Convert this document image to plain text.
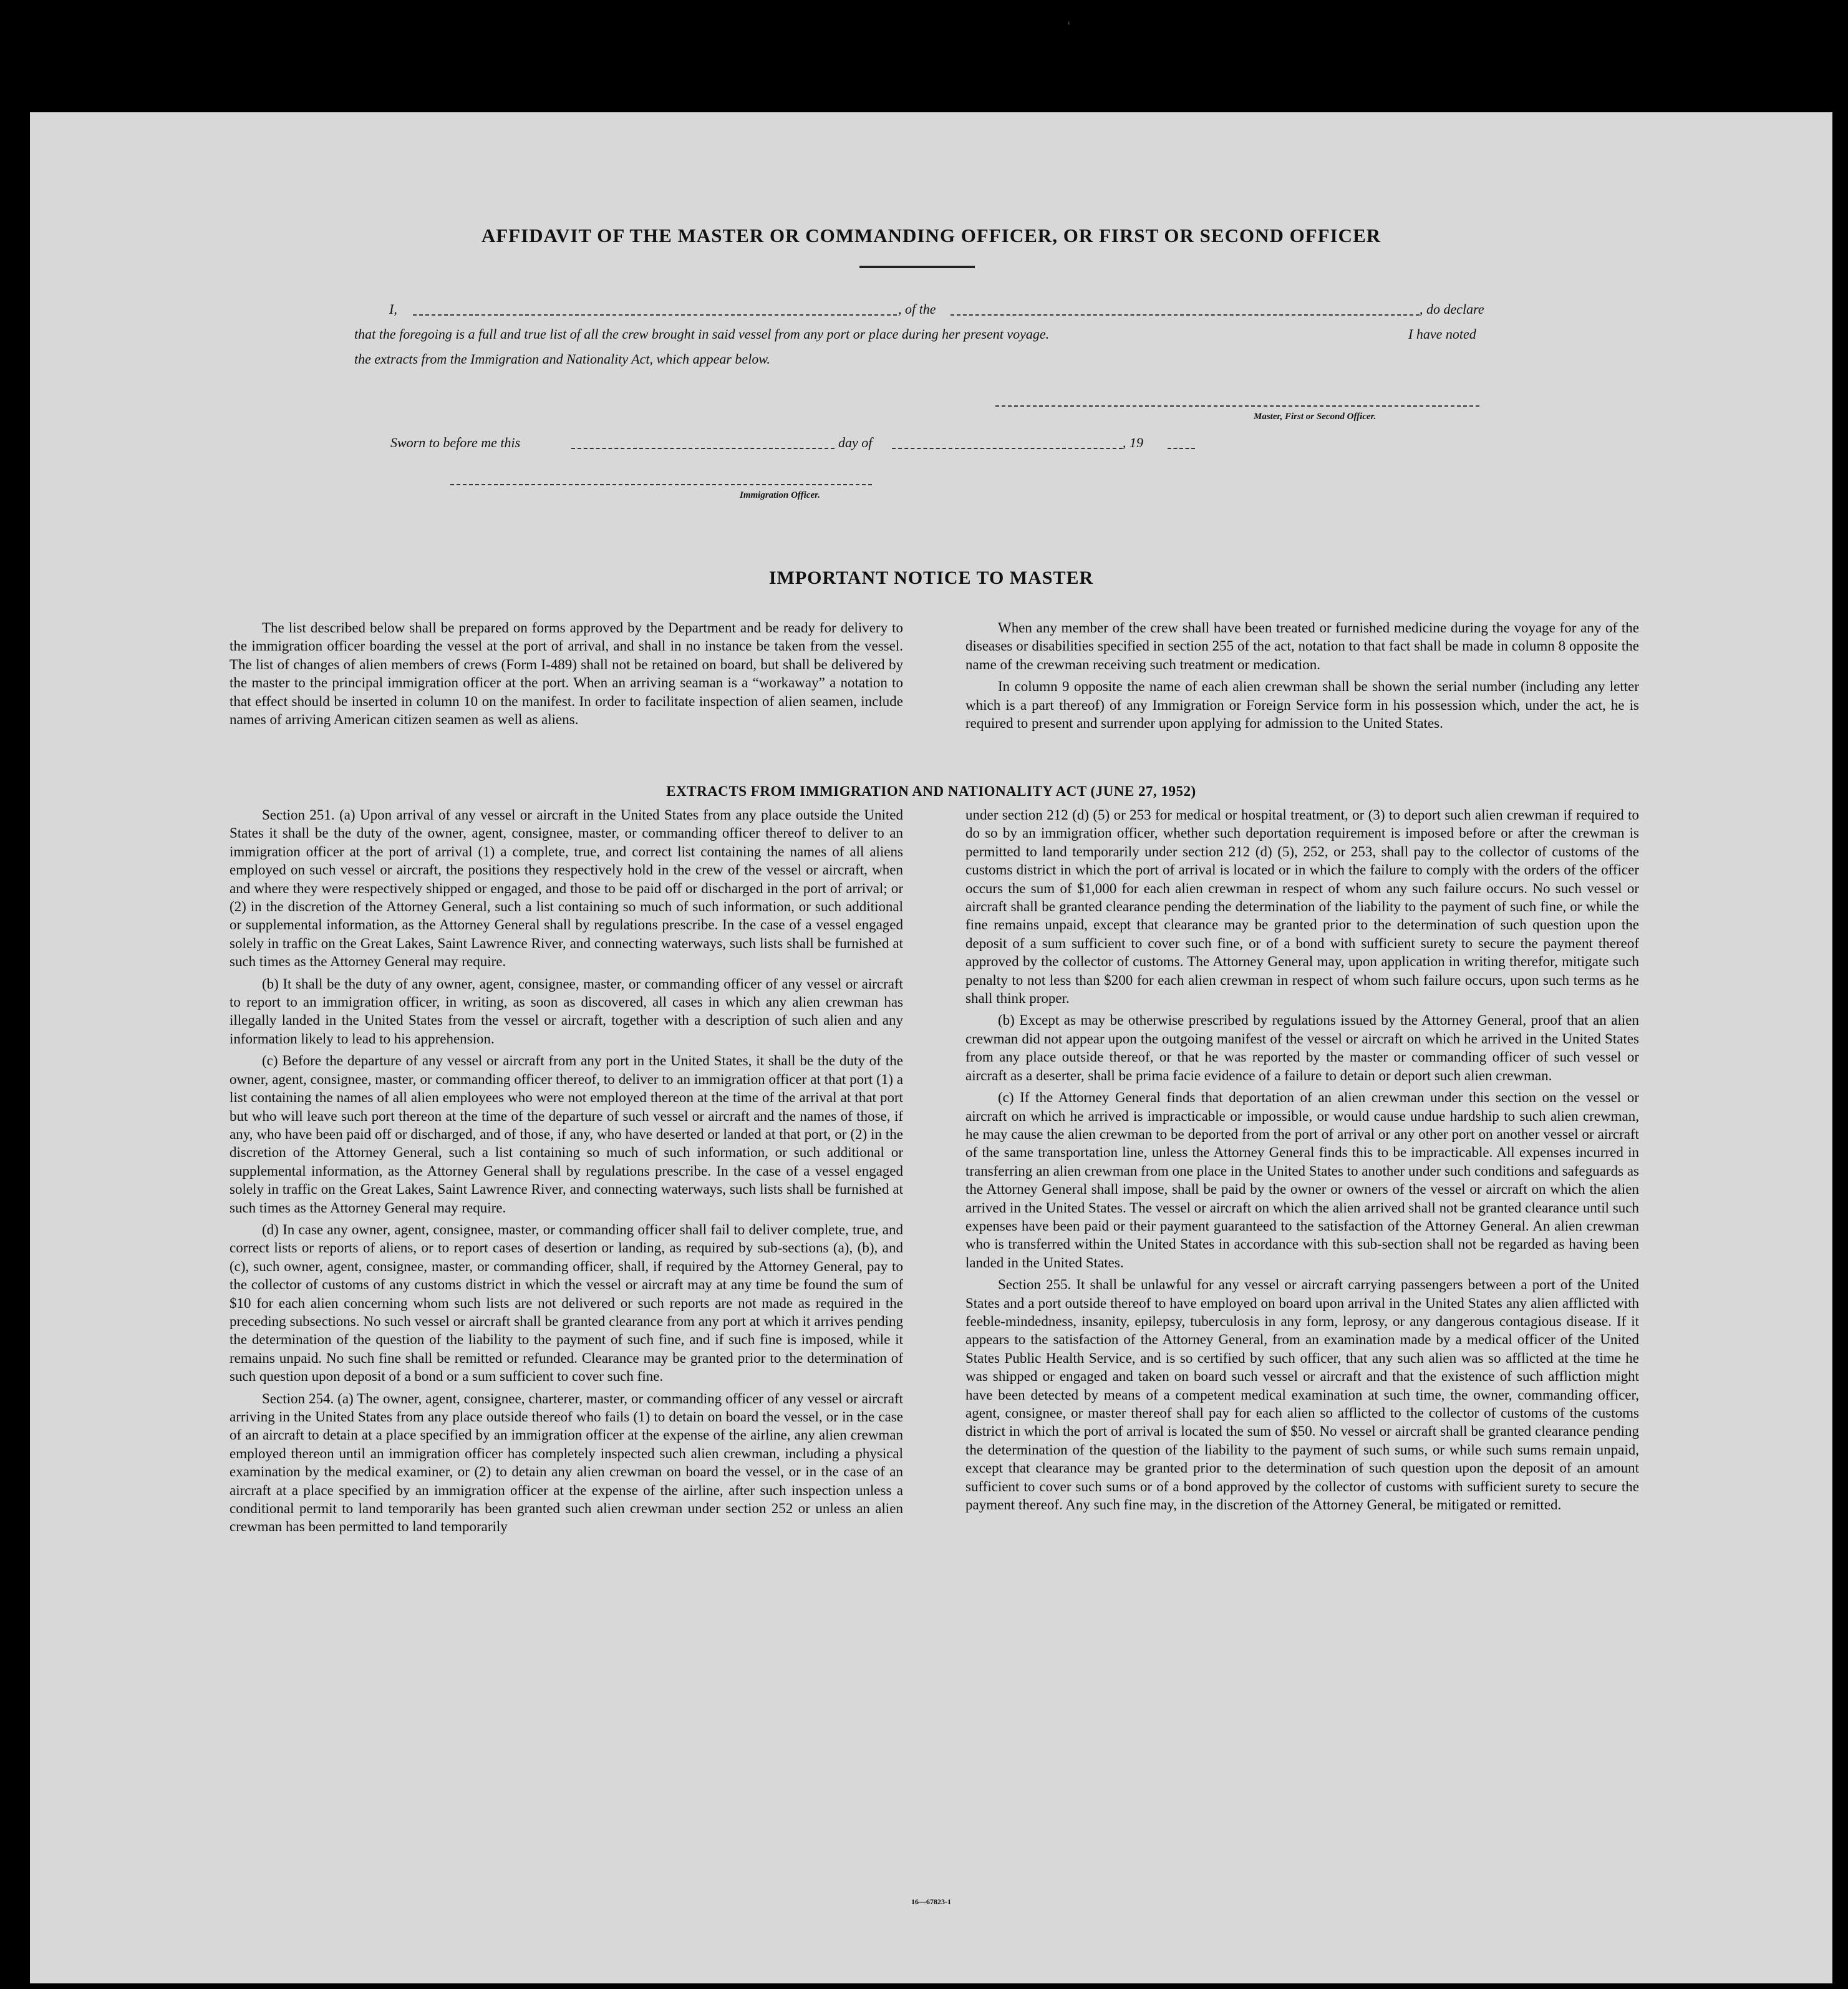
AFFIDAVIT OF THE MASTER OR COMMANDING OFFICER, OR FIRST OR SECOND OFFICER
I,	, of the	, do declare
that the foregoing is a full and true list of all the crew brought in said vessel from any port or place during her present voyage.	I have noted
the extracts from the Immigration and Nationality Act, which appear below.
Master, First or Second Officer.
Sworn to before me this	day of	, 19
Immigration Officer.
IMPORTANT NOTICE TO MASTER

The list described below shall be prepared on forms approved by the Department and be ready for delivery to the immigration officer boarding the vessel at the port of arrival, and shall in no instance be taken from the vessel. The list of changes of alien members of crews (Form I-489) shall not be retained on board, but shall be delivered by the master to the principal immigration officer at the port. When an arriving seaman is a “workaway” a notation to that effect should be inserted in column 10 on the manifest. In order to facilitate inspection of alien seamen, include names of arriving American citizen seamen as well as aliens.

When any member of the crew shall have been treated or furnished medicine during the voyage for any of the diseases or disabilities specified in section 255 of the act, notation to that fact shall be made in column 8 opposite the name of the crewman receiving such treatment or medication.

In column 9 opposite the name of each alien crewman shall be shown the serial number (including any letter which is a part thereof) of any Immigration or Foreign Service form in his possession which, under the act, he is required to present and surrender upon applying for admission to the United States.

EXTRACTS FROM IMMIGRATION AND NATIONALITY ACT (JUNE 27, 1952)

Section 251. (a) Upon arrival of any vessel or aircraft in the United States from any place outside the United States it shall be the duty of the owner, agent, consignee, master, or commanding officer thereof to deliver to an immigration officer at the port of arrival (1) a complete, true, and correct list containing the names of all aliens employed on such vessel or aircraft, the positions they respectively hold in the crew of the vessel or aircraft, when and where they were respectively shipped or engaged, and those to be paid off or discharged in the port of arrival; or (2) in the discretion of the Attorney General, such a list containing so much of such information, or such additional or supplemental information, as the Attorney General shall by regulations prescribe. In the case of a vessel engaged solely in traffic on the Great Lakes, Saint Lawrence River, and connecting waterways, such lists shall be furnished at such times as the Attorney General may require.

(b) It shall be the duty of any owner, agent, consignee, master, or commanding officer of any vessel or aircraft to report to an immigration officer, in writing, as soon as discovered, all cases in which any alien crewman has illegally landed in the United States from the vessel or aircraft, together with a description of such alien and any information likely to lead to his apprehension.

(c) Before the departure of any vessel or aircraft from any port in the United States, it shall be the duty of the owner, agent, consignee, master, or commanding officer thereof, to deliver to an immigration officer at that port (1) a list containing the names of all alien employees who were not employed thereon at the time of the arrival at that port but who will leave such port thereon at the time of the departure of such vessel or aircraft and the names of those, if any, who have been paid off or discharged, and of those, if any, who have deserted or landed at that port, or (2) in the discretion of the Attorney General, such a list containing so much of such information, or such additional or supplemental information, as the Attorney General shall by regulations prescribe. In the case of a vessel engaged solely in traffic on the Great Lakes, Saint Lawrence River, and connecting waterways, such lists shall be furnished at such times as the Attorney General may require.

(d) In case any owner, agent, consignee, master, or commanding officer shall fail to deliver complete, true, and correct lists or reports of aliens, or to report cases of desertion or landing, as required by sub-sections (a), (b), and (c), such owner, agent, consignee, master, or commanding officer, shall, if required by the Attorney General, pay to the collector of customs of any customs district in which the vessel or aircraft may at any time be found the sum of $10 for each alien concerning whom such lists are not delivered or such reports are not made as required in the preceding subsections. No such vessel or aircraft shall be granted clearance from any port at which it arrives pending the determination of the question of the liability to the payment of such fine, and if such fine is imposed, while it remains unpaid. No such fine shall be remitted or refunded. Clearance may be granted prior to the determination of such question upon deposit of a bond or a sum sufficient to cover such fine.

Section 254. (a) The owner, agent, consignee, charterer, master, or commanding officer of any vessel or aircraft arriving in the United States from any place outside thereof who fails (1) to detain on board the vessel, or in the case of an aircraft to detain at a place specified by an immigration officer at the expense of the airline, any alien crewman employed thereon until an immigration officer has completely inspected such alien crewman, including a physical examination by the medical examiner, or (2) to detain any alien crewman on board the vessel, or in the case of an aircraft at a place specified by an immigration officer at the expense of the airline, after such inspection unless a conditional permit to land temporarily has been granted such alien crewman under section 252 or unless an alien crewman has been permitted to land temporarily

under section 212 (d) (5) or 253 for medical or hospital treatment, or (3) to deport such alien crewman if required to do so by an immigration officer, whether such deportation requirement is imposed before or after the crewman is permitted to land temporarily under section 212 (d) (5), 252, or 253, shall pay to the collector of customs of the customs district in which the port of arrival is located or in which the failure to comply with the orders of the officer occurs the sum of $1,000 for each alien crewman in respect of whom any such failure occurs. No such vessel or aircraft shall be granted clearance pending the determination of the liability to the payment of such fine, or while the fine remains unpaid, except that clearance may be granted prior to the determination of such question upon the deposit of a sum sufficient to cover such fine, or of a bond with sufficient surety to secure the payment thereof approved by the collector of customs. The Attorney General may, upon application in writing therefor, mitigate such penalty to not less than $200 for each alien crewman in respect of whom such failure occurs, upon such terms as he shall think proper.

(b) Except as may be otherwise prescribed by regulations issued by the Attorney General, proof that an alien crewman did not appear upon the outgoing manifest of the vessel or aircraft on which he arrived in the United States from any place outside thereof, or that he was reported by the master or commanding officer of such vessel or aircraft as a deserter, shall be prima facie evidence of a failure to detain or deport such alien crewman.

(c) If the Attorney General finds that deportation of an alien crewman under this section on the vessel or aircraft on which he arrived is impracticable or impossible, or would cause undue hardship to such alien crewman, he may cause the alien crewman to be deported from the port of arrival or any other port on another vessel or aircraft of the same transportation line, unless the Attorney General finds this to be impracticable. All expenses incurred in transferring an alien crewman from one place in the United States to another under such conditions and safeguards as the Attorney General shall impose, shall be paid by the owner or owners of the vessel or aircraft on which the alien arrived in the United States. The vessel or aircraft on which the alien arrived shall not be granted clearance until such expenses have been paid or their payment guaranteed to the satisfaction of the Attorney General. An alien crewman who is transferred within the United States in accordance with this sub-section shall not be regarded as having been landed in the United States.

Section 255. It shall be unlawful for any vessel or aircraft carrying passengers between a port of the United States and a port outside thereof to have employed on board upon arrival in the United States any alien afflicted with feeble-mindedness, insanity, epilepsy, tuberculosis in any form, leprosy, or any dangerous contagious disease. If it appears to the satisfaction of the Attorney General, from an examination made by a medical officer of the United States Public Health Service, and is so certified by such officer, that any such alien was so afflicted at the time he was shipped or engaged and taken on board such vessel or aircraft and that the existence of such affliction might have been detected by means of a competent medical examination at such time, the owner, commanding officer, agent, consignee, or master thereof shall pay for each alien so afflicted to the collector of customs of the customs district in which the port of arrival is located the sum of $50. No vessel or aircraft shall be granted clearance pending the determination of the question of the liability to the payment of such sums, or while such sums remain unpaid, except that clearance may be granted prior to the determination of such question upon the deposit of an amount sufficient to cover such sums or of a bond approved by the collector of customs with sufficient surety to secure the payment thereof. Any such fine may, in the discretion of the Attorney General, be mitigated or remitted.

16—67823-1
